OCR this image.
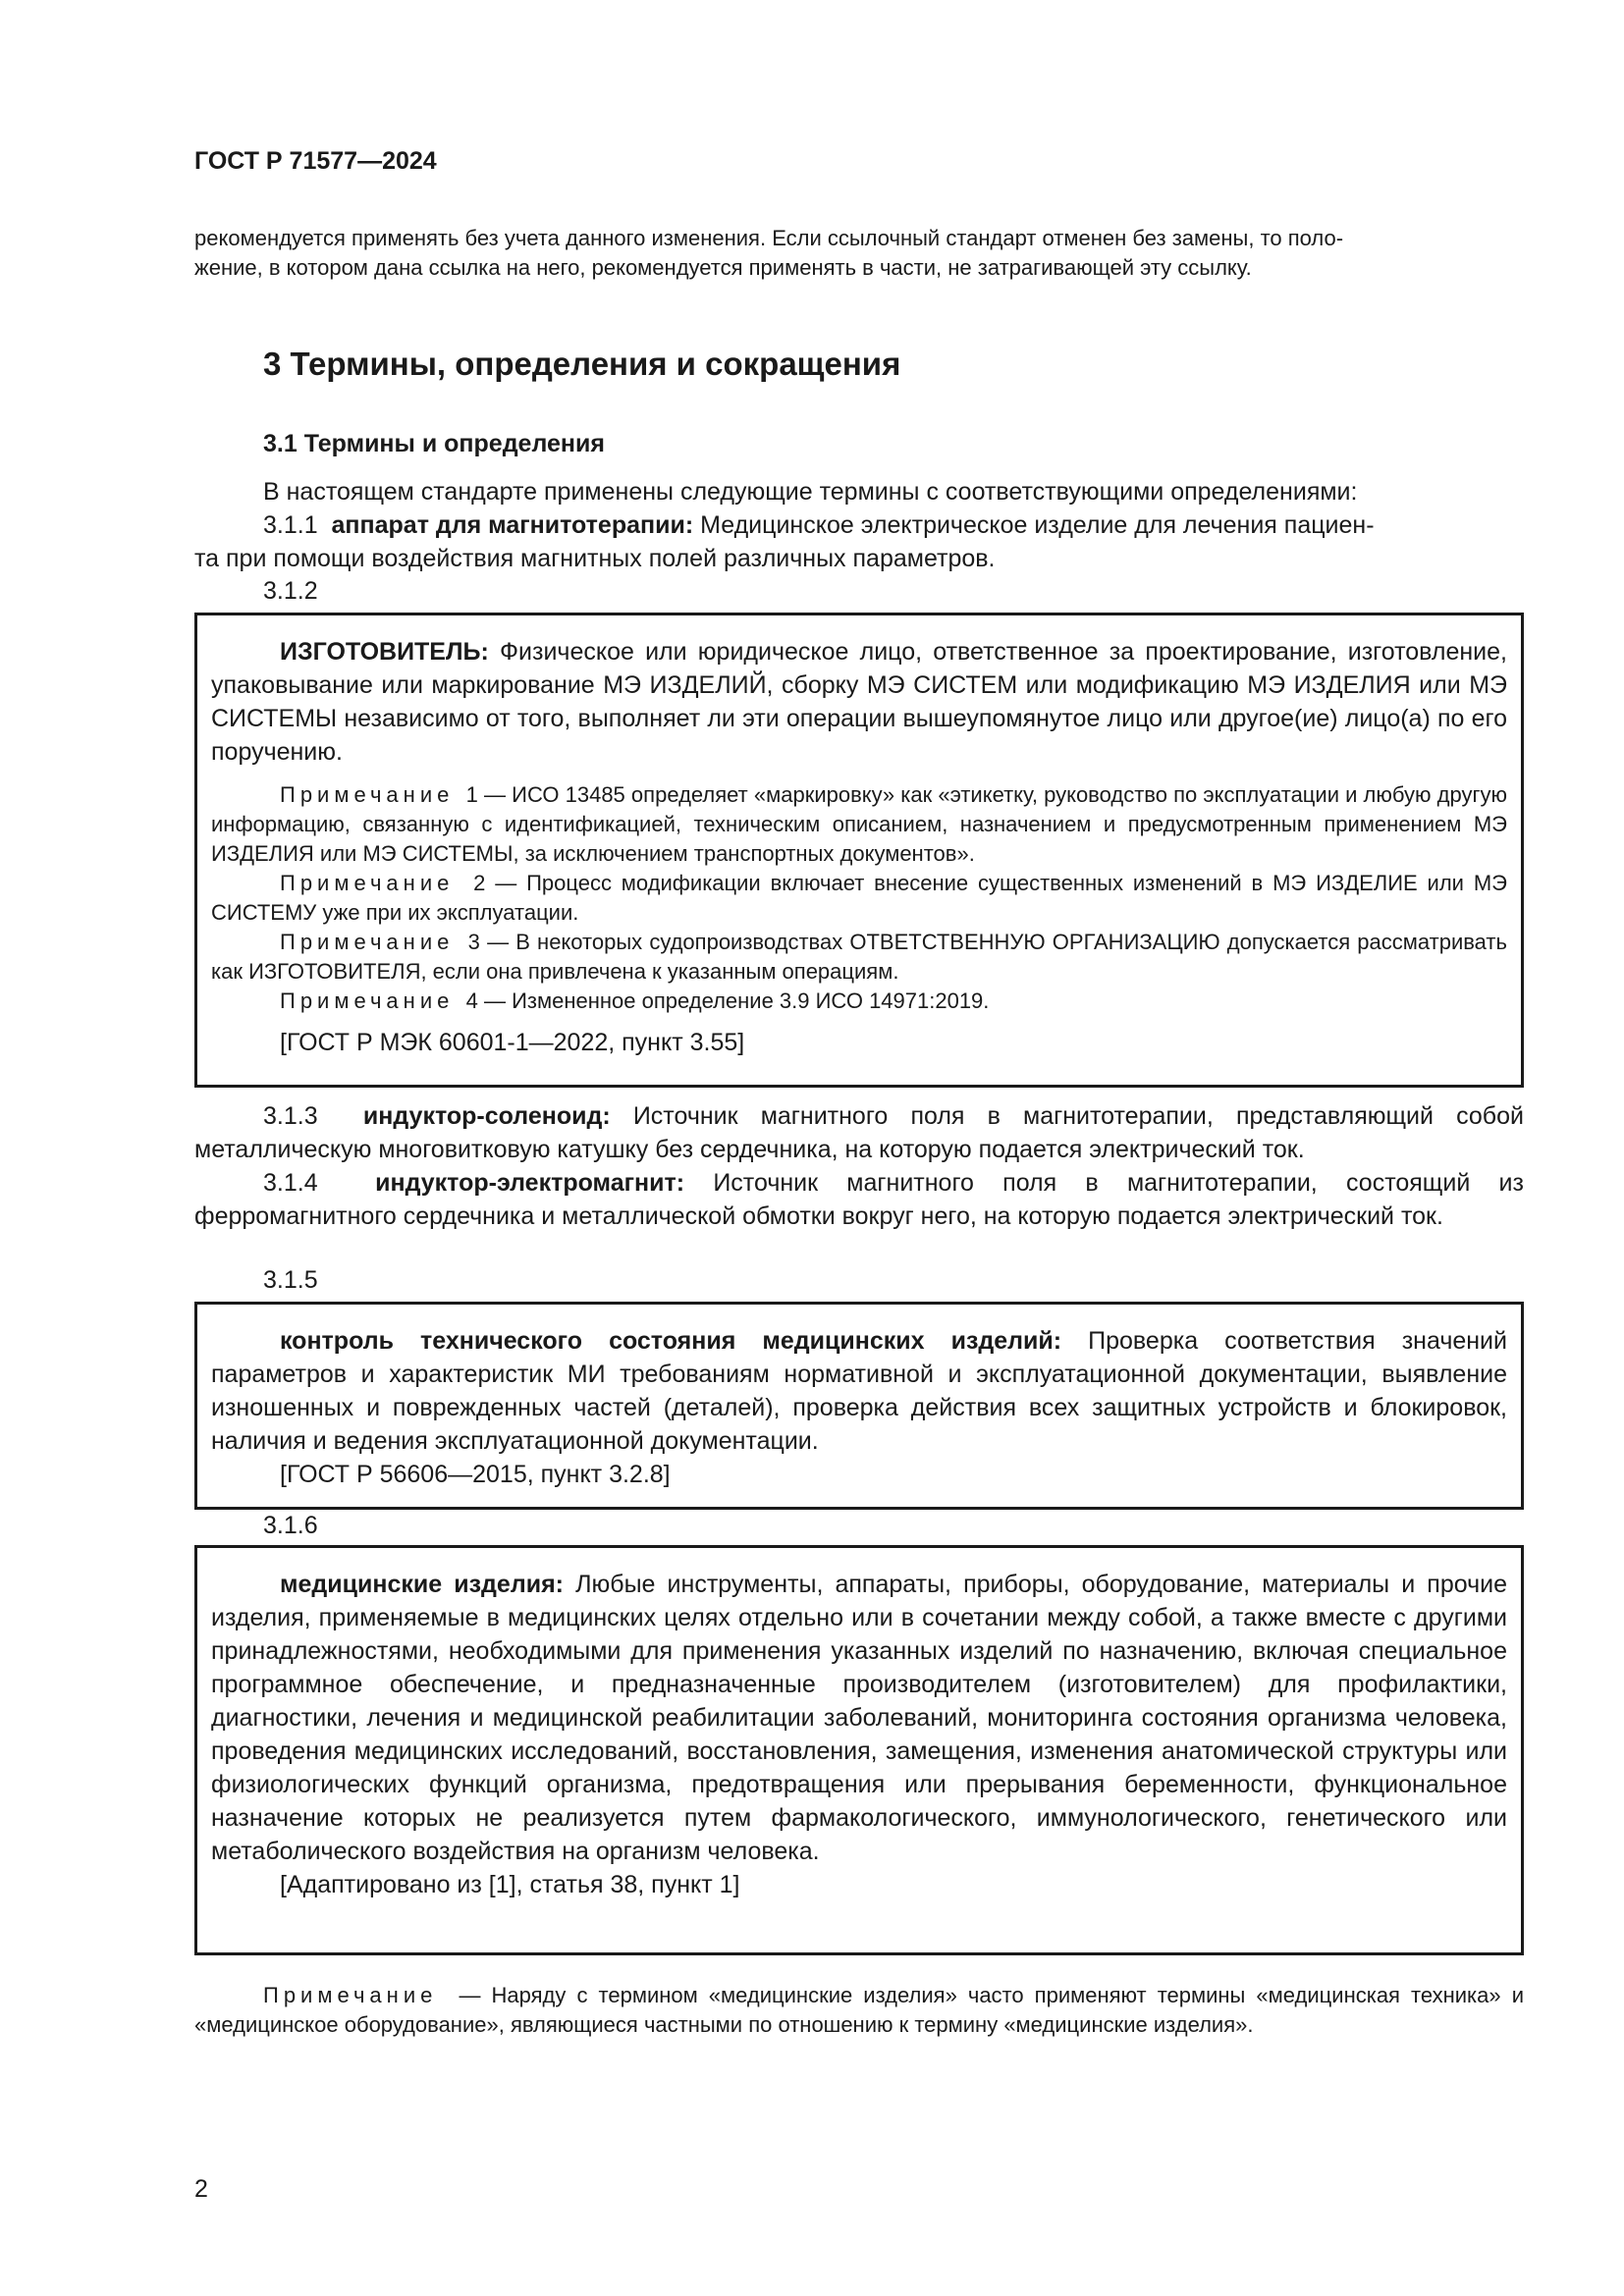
ГОСТ Р 71577—2024

рекомендуется применять без учета данного изменения. Если ссылочный стандарт отменен без замены, то поло-

жение, в котором дана ссылка на него, рекомендуется применять в части, не затрагивающей эту ссылку.

3 Термины, определения и сокращения
3.1 Термины и определения

В настоящем стандарте применены следующие термины с соответствующими определениями:

3.1.1 аппарат для магнитотерапии: Медицинское электрическое изделие для лечения пациен-

та при помощи воздействия магнитных полей различных параметров.

3.1.2

ИЗГОТОВИТЕЛЬ: Физическое или юридическое лицо, ответственное за проектирование, изготовление, упаковывание или маркирование МЭ ИЗДЕЛИЙ, сборку МЭ СИСТЕМ или модификацию МЭ ИЗДЕЛИЯ или МЭ СИСТЕМЫ независимо от того, выполняет ли эти операции вышеупомянутое лицо или другое(ие) лицо(а) по его поручению.

Примечание 1 — ИСО 13485 определяет «маркировку» как «этикетку, руководство по эксплуатации и любую другую информацию, связанную с идентификацией, техническим описанием, назначением и предусмотренным применением МЭ ИЗДЕЛИЯ или МЭ СИСТЕМЫ, за исключением транспортных документов».

Примечание 2 — Процесс модификации включает внесение существенных изменений в МЭ ИЗДЕЛИЕ или МЭ СИСТЕМУ уже при их эксплуатации.

Примечание 3 — В некоторых судопроизводствах ОТВЕТСТВЕННУЮ ОРГАНИЗАЦИЮ допускается рассматривать как ИЗГОТОВИТЕЛЯ, если она привлечена к указанным операциям.

Примечание 4 — Измененное определение 3.9 ИСО 14971:2019.

[ГОСТ Р МЭК 60601-1—2022, пункт 3.55]

3.1.3 индуктор-соленоид: Источник магнитного поля в магнитотерапии, представляющий собой металлическую многовитковую катушку без сердечника, на которую подается электрический ток.

3.1.4 индуктор-электромагнит: Источник магнитного поля в магнитотерапии, состоящий из ферромагнитного сердечника и металлической обмотки вокруг него, на которую подается электрический ток.

3.1.5

контроль технического состояния медицинских изделий: Проверка соответствия значений параметров и характеристик МИ требованиям нормативной и эксплуатационной документации, выявление изношенных и поврежденных частей (деталей), проверка действия всех защитных устройств и блокировок, наличия и ведения эксплуатационной документации.

[ГОСТ Р 56606—2015, пункт 3.2.8]

3.1.6

медицинские изделия: Любые инструменты, аппараты, приборы, оборудование, материалы и прочие изделия, применяемые в медицинских целях отдельно или в сочетании между собой, а также вместе с другими принадлежностями, необходимыми для применения указанных изделий по назначению, включая специальное программное обеспечение, и предназначенные производителем (изготовителем) для профилактики, диагностики, лечения и медицинской реабилитации заболеваний, мониторинга состояния организма человека, проведения медицинских исследований, восстановления, замещения, изменения анатомической структуры или физиологических функций организма, предотвращения или прерывания беременности, функциональное назначение которых не реализуется путем фармакологического, иммунологического, генетического или метаболического воздействия на организм человека.

[Адаптировано из [1], статья 38, пункт 1]

Примечание — Наряду с термином «медицинские изделия» часто применяют термины «медицинская техника» и «медицинское оборудование», являющиеся частными по отношению к термину «медицинские изделия».

2
